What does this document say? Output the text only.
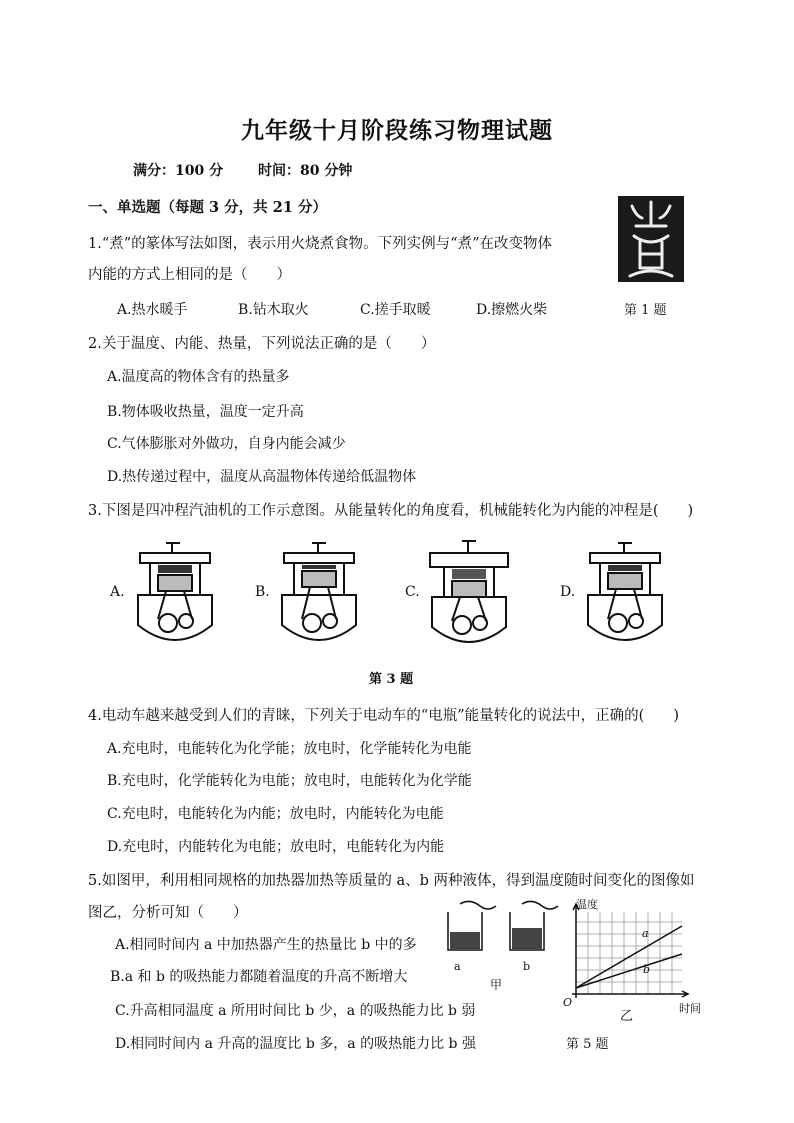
九年级十月阶段练习物理试题
满分：100 分 时间：80 分钟
一、单选题（每题 3 分，共 21 分）
1.“煮”的篆体写法如图，表示用火烧煮食物。下列实例与“煮”在改变物体
内能的方式上相同的是（　　）
A.热水暖手	B.钻木取火	C.搓手取暖	D.擦燃火柴	第 1 题
2.关于温度、内能、热量，下列说法正确的是（　　）
A.温度高的物体含有的热量多
B.物体吸收热量，温度一定升高
C.气体膨胀对外做功，自身内能会减少
D.热传递过程中，温度从高温物体传递给低温物体
3.下图是四冲程汽油机的工作示意图。从能量转化的角度看，机械能转化为内能的冲程是(　　)
A.	B.	C.	D.
第 3 题
4.电动车越来越受到人们的青睐，下列关于电动车的“电瓶”能量转化的说法中，正确的(　　)
A.充电时，电能转化为化学能；放电时，化学能转化为电能
B.充电时，化学能转化为电能；放电时，电能转化为化学能
C.充电时，电能转化为内能；放电时，内能转化为电能
D.充电时，内能转化为电能；放电时，电能转化为内能
5.如图甲，利用相同规格的加热器加热等质量的 a、b 两种液体，得到温度随时间变化的图像如
图乙，分析可知（　　）
A.相同时间内 a 中加热器产生的热量比 b 中的多
B.a 和 b 的吸热能力都随着温度的升高不断增大
C.升高相同温度 a 所用时间比 b 少，a 的吸热能力比 b 弱
D.相同时间内 a 升高的温度比 b 多，a 的吸热能力比 b 强
a	b
甲
温度
时间
O
a
b
乙
第 5 题
